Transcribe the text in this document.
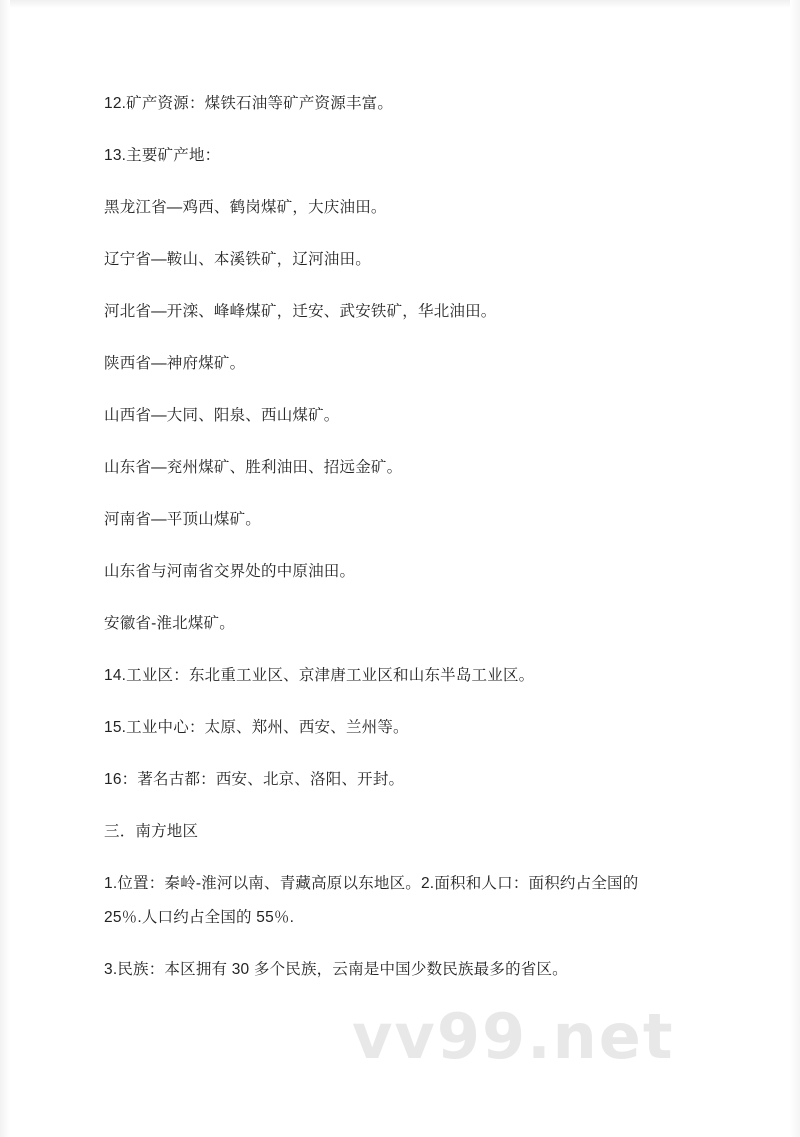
12.矿产资源：煤铁石油等矿产资源丰富。

13.主要矿产地：

黑龙江省—鸡西、鹤岗煤矿，大庆油田。

辽宁省—鞍山、本溪铁矿，辽河油田。

河北省—开滦、峰峰煤矿，迁安、武安铁矿，华北油田。

陕西省—神府煤矿。

山西省—大同、阳泉、西山煤矿。

山东省—兖州煤矿、胜利油田、招远金矿。

河南省—平顶山煤矿。

山东省与河南省交界处的中原油田。

安徽省-淮北煤矿。

14.工业区：东北重工业区、京津唐工业区和山东半岛工业区。

15.工业中心：太原、郑州、西安、兰州等。

16：著名古都：西安、北京、洛阳、开封。

三．南方地区

1.位置：秦岭-淮河以南、青藏高原以东地区。2.面积和人口：面积约占全国的

25％.人口约占全国的 55％.

3.民族：本区拥有 30 多个民族，云南是中国少数民族最多的省区。

vv99.net
